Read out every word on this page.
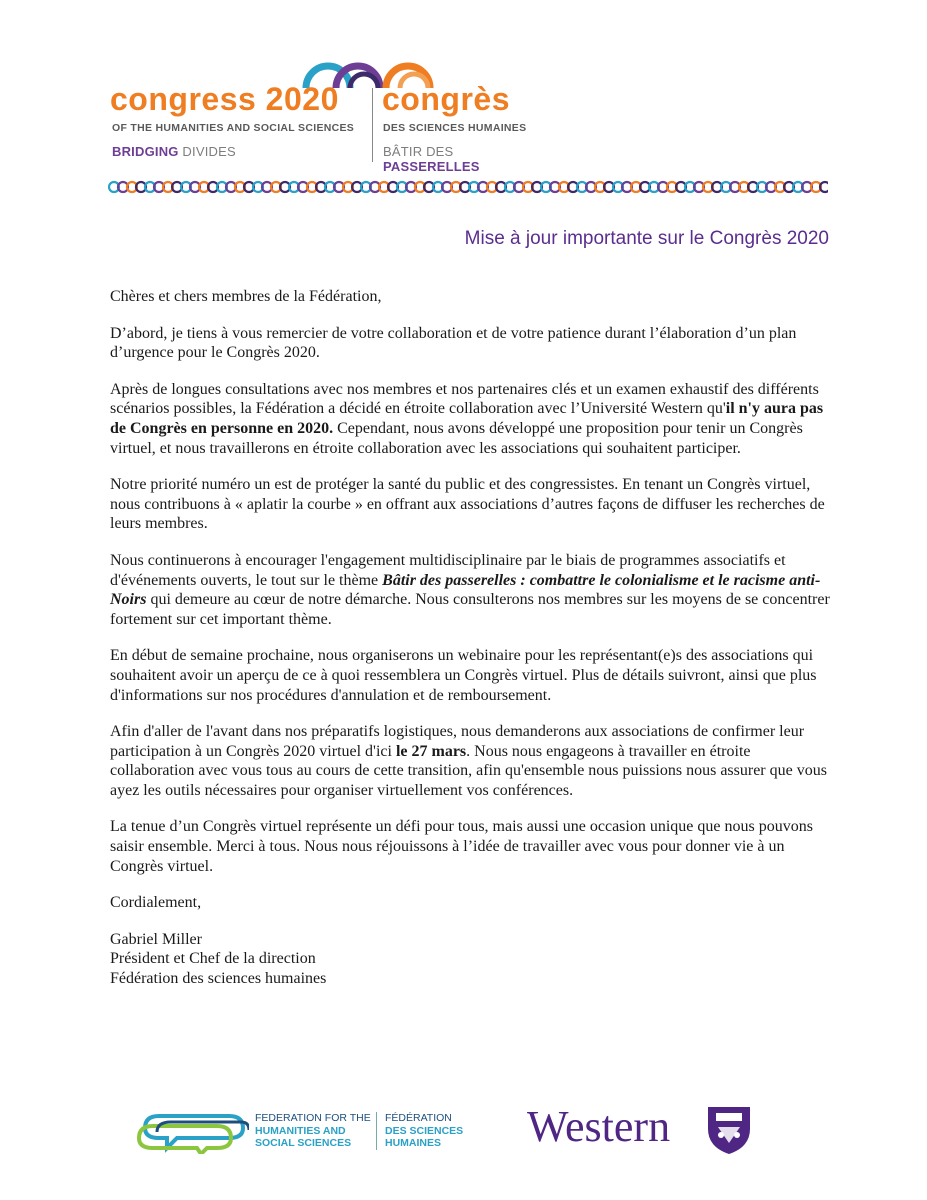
congress 2020 congrès
OF THE HUMANITIES AND SOCIAL SCIENCES	DES SCIENCES HUMAINES
BRIDGING DIVIDES	BÂTIR DES PASSERELLES
Mise à jour importante sur le Congrès 2020

Chères et chers membres de la Fédération,

D’abord, je tiens à vous remercier de votre collaboration et de votre patience durant l’élaboration d’un plan d’urgence pour le Congrès 2020.

Après de longues consultations avec nos membres et nos partenaires clés et un examen exhaustif des différents scénarios possibles, la Fédération a décidé en étroite collaboration avec l’Université Western qu'il n'y aura pas de Congrès en personne en 2020. Cependant, nous avons développé une proposition pour tenir un Congrès virtuel, et nous travaillerons en étroite collaboration avec les associations qui souhaitent participer.

Notre priorité numéro un est de protéger la santé du public et des congressistes. En tenant un Congrès virtuel, nous contribuons à « aplatir la courbe » en offrant aux associations d’autres façons de diffuser les recherches de leurs membres.

Nous continuerons à encourager l'engagement multidisciplinaire par le biais de programmes associatifs et d'événements ouverts, le tout sur le thème Bâtir des passerelles : combattre le colonialisme et le racisme anti-Noirs qui demeure au cœur de notre démarche. Nous consulterons nos membres sur les moyens de se concentrer fortement sur cet important thème.

En début de semaine prochaine, nous organiserons un webinaire pour les représentant(e)s des associations qui souhaitent avoir un aperçu de ce à quoi ressemblera un Congrès virtuel. Plus de détails suivront, ainsi que plus d'informations sur nos procédures d'annulation et de remboursement.

Afin d'aller de l'avant dans nos préparatifs logistiques, nous demanderons aux associations de confirmer leur participation à un Congrès 2020 virtuel d'ici le 27 mars. Nous nous engageons à travailler en étroite collaboration avec vous tous au cours de cette transition, afin qu'ensemble nous puissions nous assurer que vous ayez les outils nécessaires pour organiser virtuellement vos conférences.

La tenue d’un Congrès virtuel représente un défi pour tous, mais aussi une occasion unique que nous pouvons saisir ensemble. Merci à tous. Nous nous réjouissons à l’idée de travailler avec vous pour donner vie à un Congrès virtuel.

Cordialement,

Gabriel Miller

Président et Chef de la direction

Fédération des sciences humaines

FEDERATION FOR THE
HUMANITIES AND
SOCIAL SCIENCES
FÉDÉRATION
DES SCIENCES
HUMAINES	Western
